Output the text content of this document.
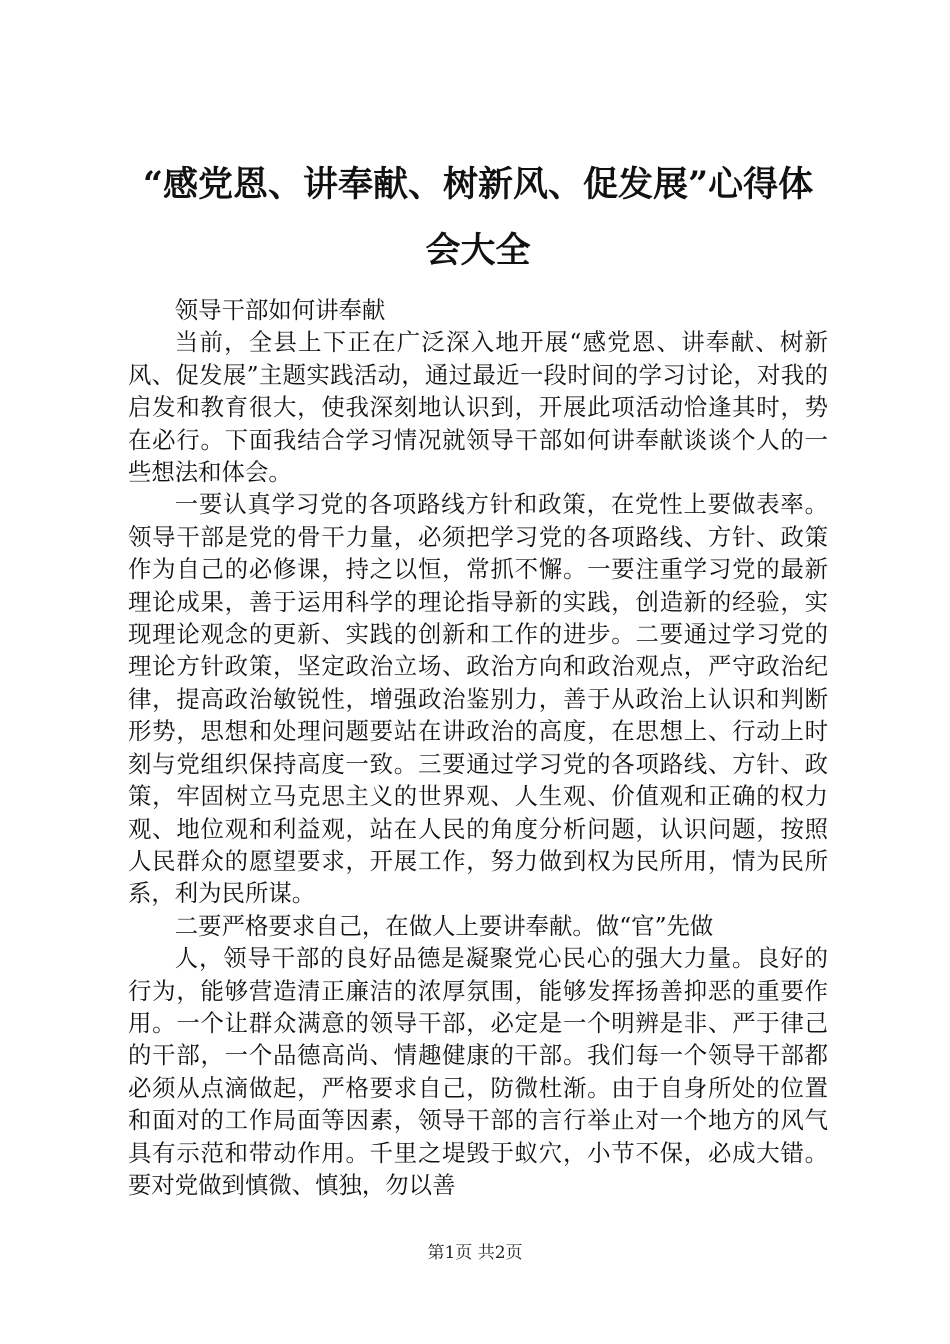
“感党恩、讲奉献、树新风、促发展”心得体
会大全

领导干部如何讲奉献

当前，全县上下正在广泛深入地开展“感党恩、讲奉献、树新风、促发展”主题实践活动，通过最近一段时间的学习讨论，对我的启发和教育很大，使我深刻地认识到，开展此项活动恰逢其时，势在必行。下面我结合学习情况就领导干部如何讲奉献谈谈个人的一些想法和体会。

一要认真学习党的各项路线方针和政策，在党性上要做表率。领导干部是党的骨干力量，必须把学习党的各项路线、方针、政策作为自己的必修课，持之以恒，常抓不懈。一要注重学习党的最新理论成果，善于运用科学的理论指导新的实践，创造新的经验，实现理论观念的更新、实践的创新和工作的进步。二要通过学习党的理论方针政策，坚定政治立场、政治方向和政治观点，严守政治纪律，提高政治敏锐性，增强政治鉴别力，善于从政治上认识和判断形势，思想和处理问题要站在讲政治的高度，在思想上、行动上时刻与党组织保持高度一致。三要通过学习党的各项路线、方针、政策，牢固树立马克思主义的世界观、人生观、价值观和正确的权力观、地位观和利益观，站在人民的角度分析问题，认识问题，按照人民群众的愿望要求，开展工作，努力做到权为民所用，情为民所系，利为民所谋。

二要严格要求自己，在做人上要讲奉献。做“官”先做

人，领导干部的良好品德是凝聚党心民心的强大力量。良好的行为，能够营造清正廉洁的浓厚氛围，能够发挥扬善抑恶的重要作用。一个让群众满意的领导干部，必定是一个明辨是非、严于律己的干部，一个品德高尚、情趣健康的干部。我们每一个领导干部都必须从点滴做起，严格要求自己，防微杜渐。由于自身所处的位置和面对的工作局面等因素，领导干部的言行举止对一个地方的风气具有示范和带动作用。千里之堤毁于蚁穴，小节不保，必成大错。要对党做到慎微、慎独，勿以善

第1页 共2页
